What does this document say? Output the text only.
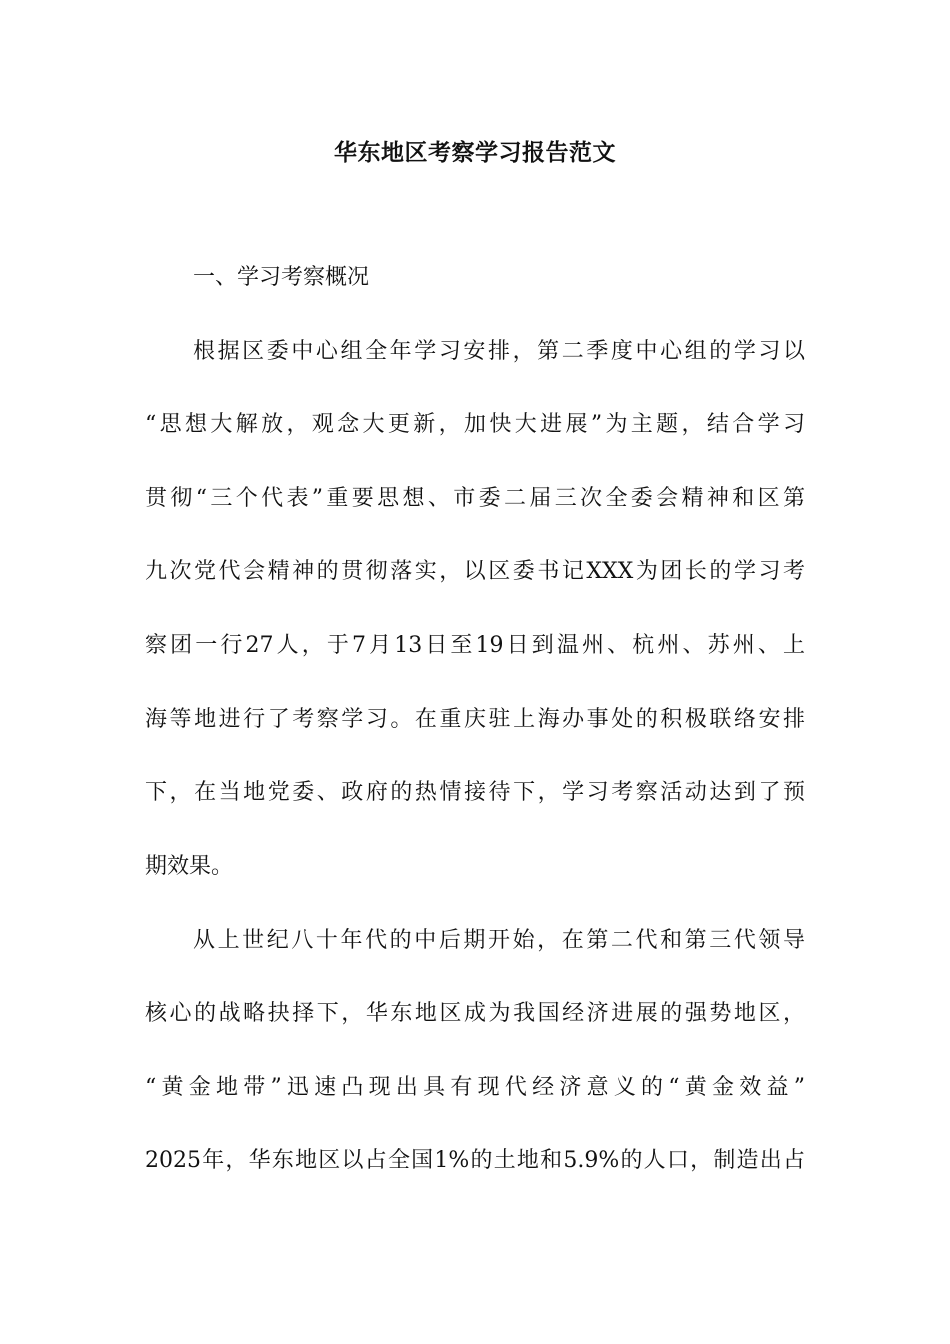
华东地区考察学习报告范文
一、学习考察概况
根据区委中心组全年学习安排，第二季度中心组的学习以
“思想大解放，观念大更新，加快大进展”为主题，结合学习
贯彻“三个代表”重要思想、市委二届三次全委会精神和区第
九次党代会精神的贯彻落实，以区委书记XXX为团长的学习考
察团一行27人，于7月13日至19日到温州、杭州、苏州、上
海等地进行了考察学习。在重庆驻上海办事处的积极联络安排
下，在当地党委、政府的热情接待下，学习考察活动达到了预
期效果。
从上世纪八十年代的中后期开始，在第二代和第三代领导
核心的战略抉择下，华东地区成为我国经济进展的强势地区，
“黄金地带”迅速凸现出具有现代经济意义的“黄金效益”
2025年，华东地区以占全国1%的土地和5.9%的人口，制造出占
